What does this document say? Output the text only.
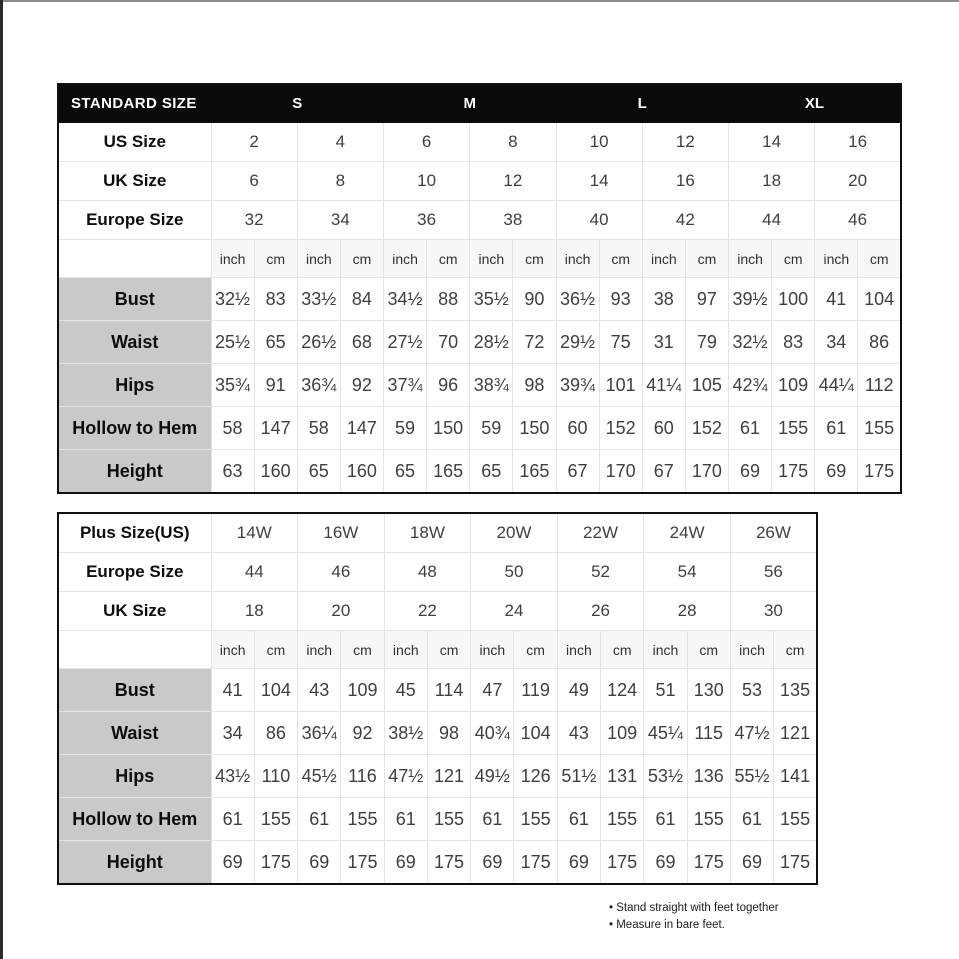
STANDARD SIZE	S				M				L				XL			
US Size	2		4		6		8		10		12		14		16	
UK Size	6		8		10		12		14		16		18		20	
Europe Size	32		34		36		38		40		42		44		46	
	inch	cm	inch	cm	inch	cm	inch	cm	inch	cm	inch	cm	inch	cm	inch	cm
Bust	32½	83	33½	84	34½	88	35½	90	36½	93	38	97	39½	100	41	104
Waist	25½	65	26½	68	27½	70	28½	72	29½	75	31	79	32½	83	34	86
Hips	35¾	91	36¾	92	37¾	96	38¾	98	39¾	101	41¼	105	42¾	109	44¼	112
Hollow to Hem	58	147	58	147	59	150	59	150	60	152	60	152	61	155	61	155
Height	63	160	65	160	65	165	65	165	67	170	67	170	69	175	69	175
Plus Size(US)	14W		16W		18W		20W		22W		24W		26W	
Europe Size	44		46		48		50		52		54		56	
UK Size	18		20		22		24		26		28		30	
	inch	cm	inch	cm	inch	cm	inch	cm	inch	cm	inch	cm	inch	cm
Bust	41	104	43	109	45	114	47	119	49	124	51	130	53	135
Waist	34	86	36¼	92	38½	98	40¾	104	43	109	45¼	115	47½	121
Hips	43½	110	45½	116	47½	121	49½	126	51½	131	53½	136	55½	141
Hollow to Hem	61	155	61	155	61	155	61	155	61	155	61	155	61	155
Height	69	175	69	175	69	175	69	175	69	175	69	175	69	175
• Stand straight with feet together
• Measure in bare feet.
